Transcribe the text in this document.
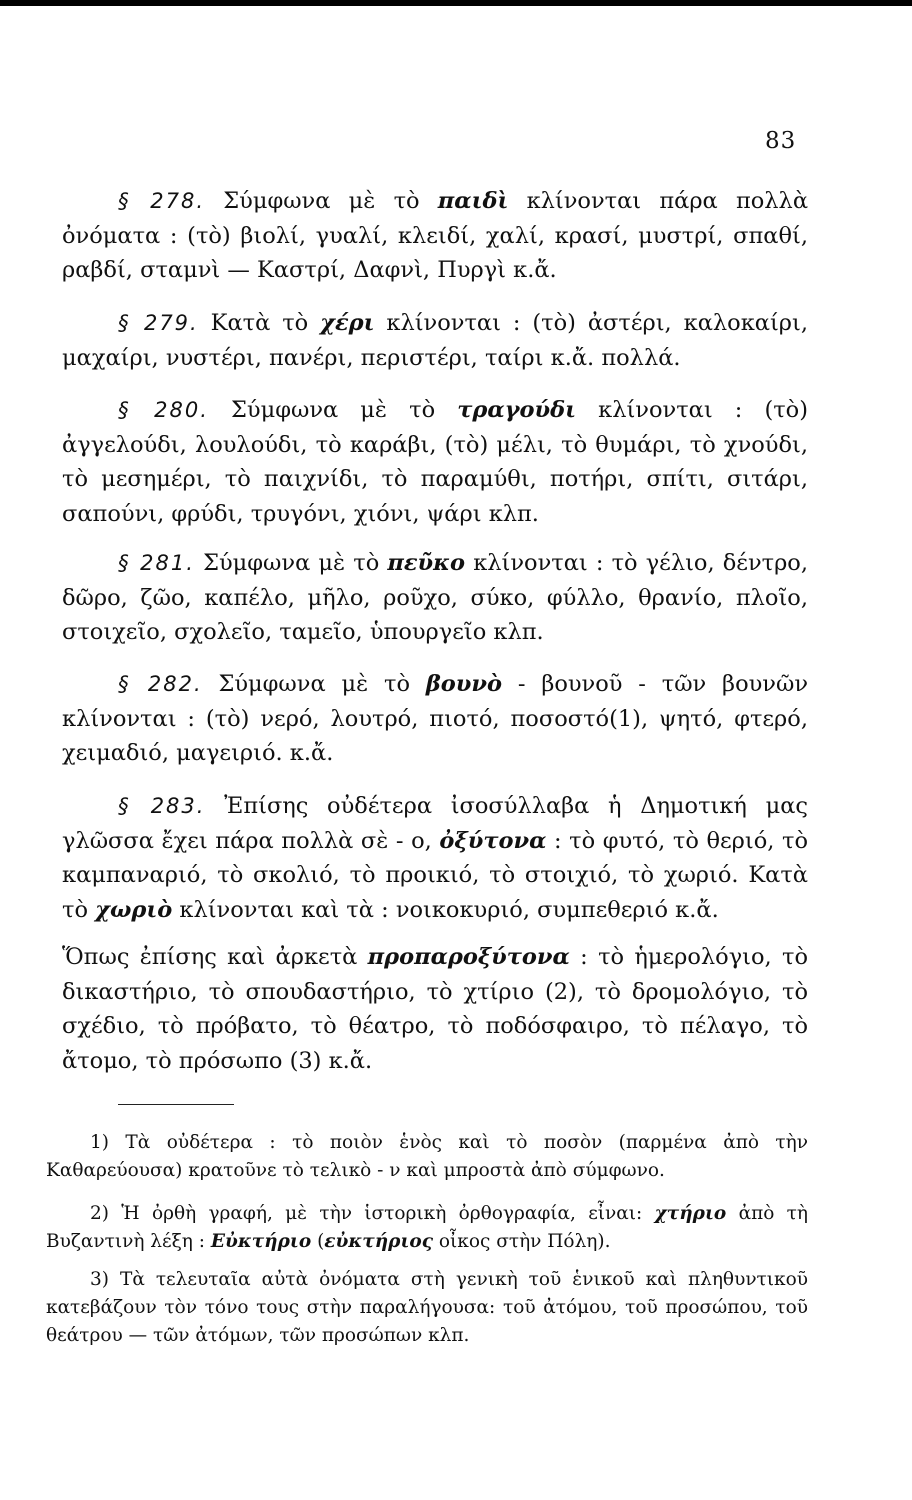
83

§ 278. Σύμφωνα μὲ τὸ παιδὶ κλίνονται πάρα πολλὰ ὀνόματα : (τὸ) βιολί, γυαλί, κλειδί, χαλί, κρασί, μυστρί, σπαθί, ραβδί, σταμνὶ — Καστρί, Δαφνὶ, Πυργὶ κ.ἄ.

§ 279. Κατὰ τὸ χέρι κλίνονται : (τὸ) ἀστέρι, καλοκαίρι, μαχαίρι, νυστέρι, πανέρι, περιστέρι, ταίρι κ.ἄ. πολλά.

§ 280. Σύμφωνα μὲ τὸ τραγούδι κλίνονται : (τὸ) ἀγγελούδι, λουλούδι, τὸ καράβι, (τὸ) μέλι, τὸ θυμάρι, τὸ χνούδι, τὸ μεσημέρι, τὸ παιχνίδι, τὸ παραμύθι, ποτήρι, σπίτι, σιτάρι, σαπούνι, φρύδι, τρυγόνι, χιόνι, ψάρι κλπ.

§ 281. Σύμφωνα μὲ τὸ πεῦκο κλίνονται : τὸ γέλιο, δέντρο, δῶρο, ζῶο, καπέλο, μῆλο, ροῦχο, σύκο, φύλλο, θρανίο, πλοῖο, στοιχεῖο, σχολεῖο, ταμεῖο, ὑπουργεῖο κλπ.

§ 282. Σύμφωνα μὲ τὸ βουνὸ - βουνοῦ - τῶν βουνῶν κλίνονται : (τὸ) νερό, λουτρό, πιοτό, ποσοστό(1), ψητό, φτερό, χειμαδιό, μαγειριό. κ.ἄ.

§ 283. Ἐπίσης οὐδέτερα ἰσοσύλλαβα ἡ Δημοτική μας γλῶσσα ἔχει πάρα πολλὰ σὲ - ο, ὀξύτονα : τὸ φυτό, τὸ θεριό, τὸ καμπαναριό, τὸ σκολιό, τὸ προικιό, τὸ στοιχιό, τὸ χωριό. Κατὰ τὸ χωριὸ κλίνονται καὶ τὰ : νοικοκυριό, συμπεθεριό κ.ἄ.

Ὅπως ἐπίσης καὶ ἀρκετὰ προπαροξύτονα : τὸ ἡμερολόγιο, τὸ δικαστήριο, τὸ σπουδαστήριο, τὸ χτίριο (2), τὸ δρομολόγιο, τὸ σχέδιο, τὸ πρόβατο, τὸ θέατρο, τὸ ποδόσφαιρο, τὸ πέλαγο, τὸ ἄτομο, τὸ πρόσωπο (3) κ.ἄ.

1) Τὰ οὐδέτερα : τὸ ποιὸν ἑνὸς καὶ τὸ ποσὸν (παρμένα ἀπὸ τὴν Καθαρεύουσα) κρατοῦνε τὸ τελικὸ - ν καὶ μπροστὰ ἀπὸ σύμφωνο.

2) Ἡ ὀρθὴ γραφή, μὲ τὴν ἱστορικὴ ὀρθογραφία, εἶναι: χτήριο ἀπὸ τὴ Βυζαντινὴ λέξη : Εὐκτήριο (εὐκτήριος οἶκος στὴν Πόλη).

3) Τὰ τελευταῖα αὐτὰ ὀνόματα στὴ γενικὴ τοῦ ἑνικοῦ καὶ πληθυντικοῦ κατεβάζουν τὸν τόνο τους στὴν παραλήγουσα: τοῦ ἀτόμου, τοῦ προσώπου, τοῦ θεάτρου — τῶν ἀτόμων, τῶν προσώπων κλπ.
